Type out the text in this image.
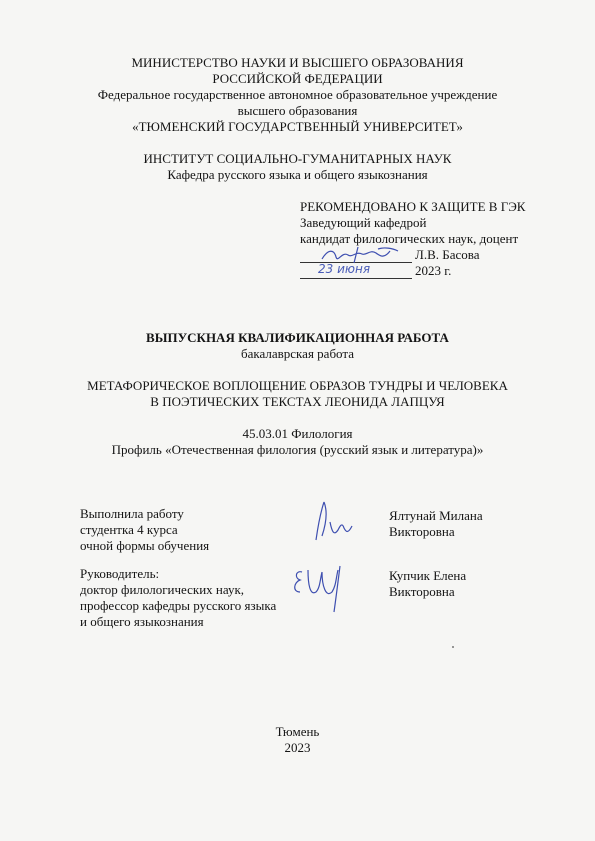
МИНИСТЕРСТВО НАУКИ И ВЫСШЕГО ОБРАЗОВАНИЯ
РОССИЙСКОЙ ФЕДЕРАЦИИ
Федеральное государственное автономное образовательное учреждение
высшего образования
«ТЮМЕНСКИЙ ГОСУДАРСТВЕННЫЙ УНИВЕРСИТЕТ»
ИНСТИТУТ СОЦИАЛЬНО-ГУМАНИТАРНЫХ НАУК
Кафедра русского языка и общего языкознания
РЕКОМЕНДОВАНО К ЗАЩИТЕ В ГЭК
Заведующий кафедрой
кандидат филологических наук, доцент
Л.В. Басова
23 июня	2023 г.
ВЫПУСКНАЯ КВАЛИФИКАЦИОННАЯ РАБОТА
бакалаврская работа
МЕТАФОРИЧЕСКОЕ ВОПЛОЩЕНИЕ ОБРАЗОВ ТУНДРЫ И ЧЕЛОВЕКА
В ПОЭТИЧЕСКИХ ТЕКСТАХ ЛЕОНИДА ЛАПЦУЯ
45.03.01 Филология
Профиль «Отечественная филология (русский язык и литература)»
Выполнила работу
студентка 4 курса
очной формы обучения
Ялтунай Милана
Викторовна
Руководитель:
доктор филологических наук,
профессор кафедры русского языка
и общего языкознания
Купчик Елена
Викторовна
Тюмень
2023
